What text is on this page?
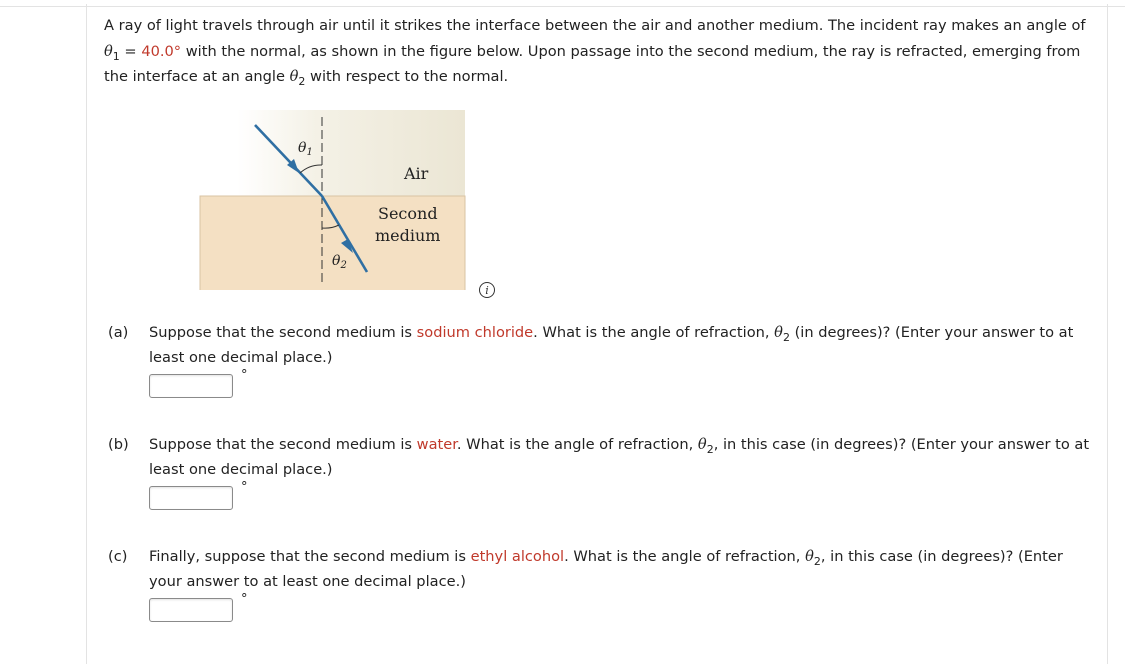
A ray of light travels through air until it strikes the interface between the air and another medium. The incident ray makes an angle of $\theta_1 = 40.0^\circ$ with the normal, as shown in the figure below. Upon passage into the second medium, the ray is refracted, emerging from the interface at an angle $\theta_2$ with respect to the normal.
$\theta_1$
$\theta_2$
Air
Second
medium
i
(a) Suppose that the second medium is sodium chloride. What is the angle of refraction, $\theta_2$ (in degrees)? (Enter your answer to at least one decimal place.)
°
(b) Suppose that the second medium is water. What is the angle of refraction, $\theta_2$, in this case (in degrees)? (Enter your answer to at least one decimal place.)
°
(c) Finally, suppose that the second medium is ethyl alcohol. What is the angle of refraction, $\theta_2$, in this case (in degrees)? (Enter your answer to at least one decimal place.)
°
